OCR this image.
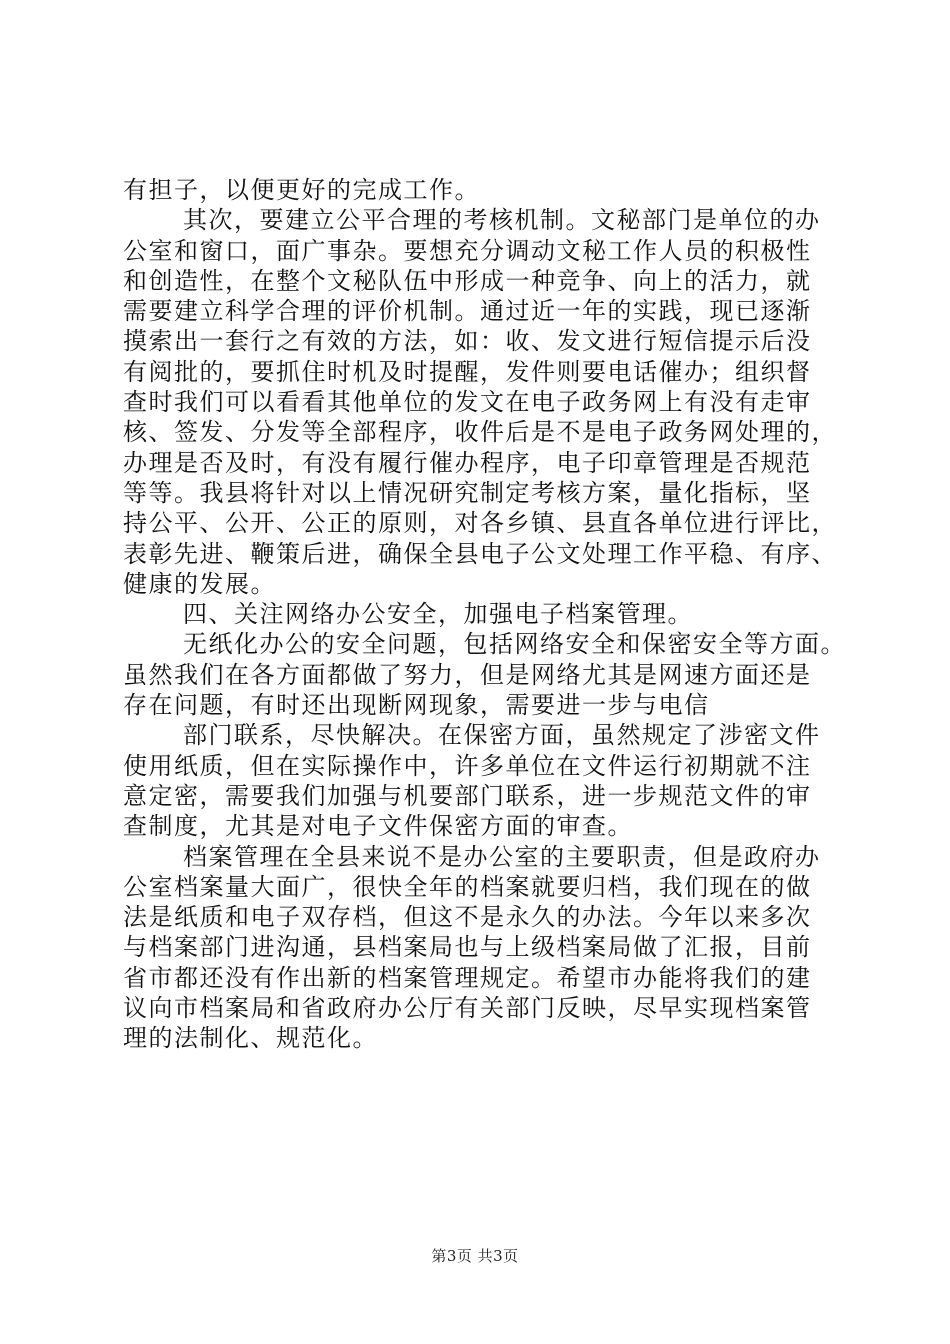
有担子，以便更好的完成工作。
其次，要建立公平合理的考核机制。文秘部门是单位的办
公室和窗口，面广事杂。要想充分调动文秘工作人员的积极性
和创造性，在整个文秘队伍中形成一种竞争、向上的活力，就
需要建立科学合理的评价机制。通过近一年的实践，现已逐渐
摸索出一套行之有效的方法，如：收、发文进行短信提示后没
有阅批的，要抓住时机及时提醒，发件则要电话催办；组织督
查时我们可以看看其他单位的发文在电子政务网上有没有走审
核、签发、分发等全部程序，收件后是不是电子政务网处理的，
办理是否及时，有没有履行催办程序，电子印章管理是否规范
等等。我县将针对以上情况研究制定考核方案，量化指标，坚
持公平、公开、公正的原则，对各乡镇、县直各单位进行评比，
表彰先进、鞭策后进，确保全县电子公文处理工作平稳、有序、
健康的发展。
四、关注网络办公安全，加强电子档案管理。
无纸化办公的安全问题，包括网络安全和保密安全等方面。
虽然我们在各方面都做了努力，但是网络尤其是网速方面还是
存在问题，有时还出现断网现象，需要进一步与电信
部门联系，尽快解决。在保密方面，虽然规定了涉密文件
使用纸质，但在实际操作中，许多单位在文件运行初期就不注
意定密，需要我们加强与机要部门联系，进一步规范文件的审
查制度，尤其是对电子文件保密方面的审查。
档案管理在全县来说不是办公室的主要职责，但是政府办
公室档案量大面广，很快全年的档案就要归档，我们现在的做
法是纸质和电子双存档，但这不是永久的办法。今年以来多次
与档案部门进沟通，县档案局也与上级档案局做了汇报，目前
省市都还没有作出新的档案管理规定。希望市办能将我们的建
议向市档案局和省政府办公厅有关部门反映，尽早实现档案管
理的法制化、规范化。
第3页 共3页
